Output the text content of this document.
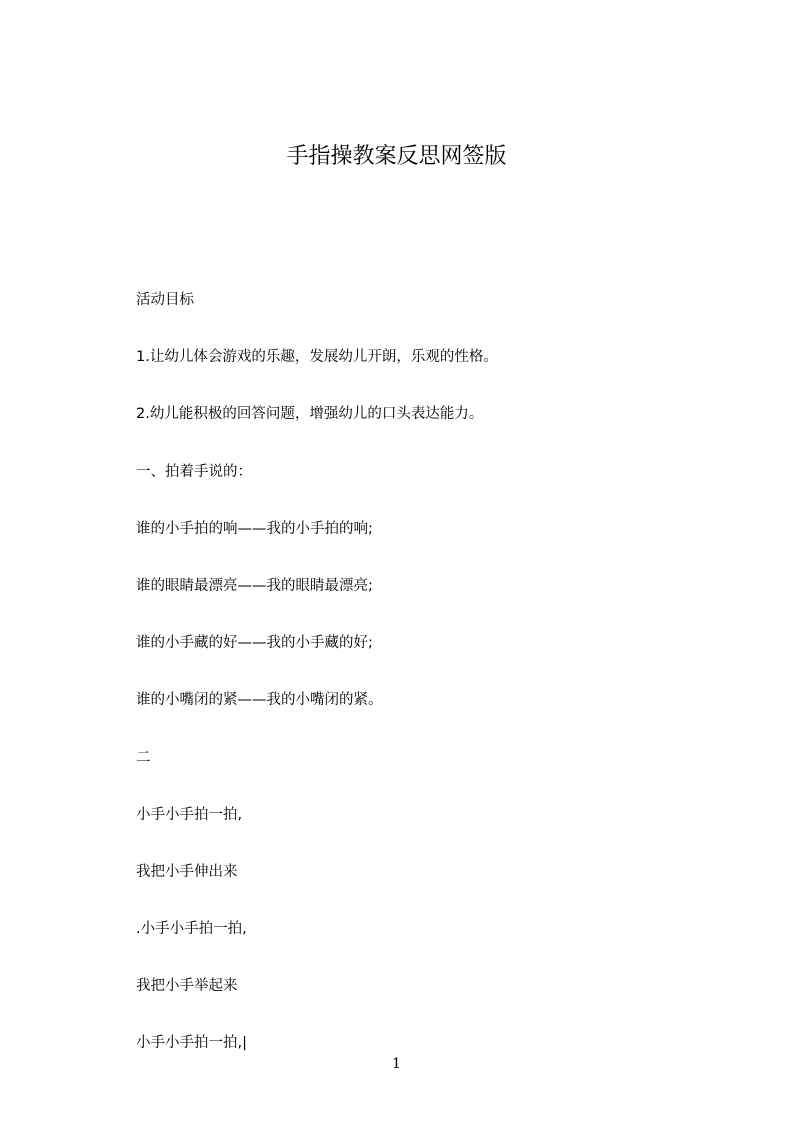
手指操教案反思网签版
活动目标
1.让幼儿体会游戏的乐趣，发展幼儿开朗，乐观的性格。
2.幼儿能积极的回答问题，增强幼儿的口头表达能力。
一、拍着手说的：
谁的小手拍的响——我的小手拍的响;
谁的眼睛最漂亮——我的眼睛最漂亮;
谁的小手藏的好——我的小手藏的好;
谁的小嘴闭的紧——我的小嘴闭的紧。
二
小手小手拍一拍,
我把小手伸出来
.小手小手拍一拍,
我把小手举起来
小手小手拍一拍,|
1
